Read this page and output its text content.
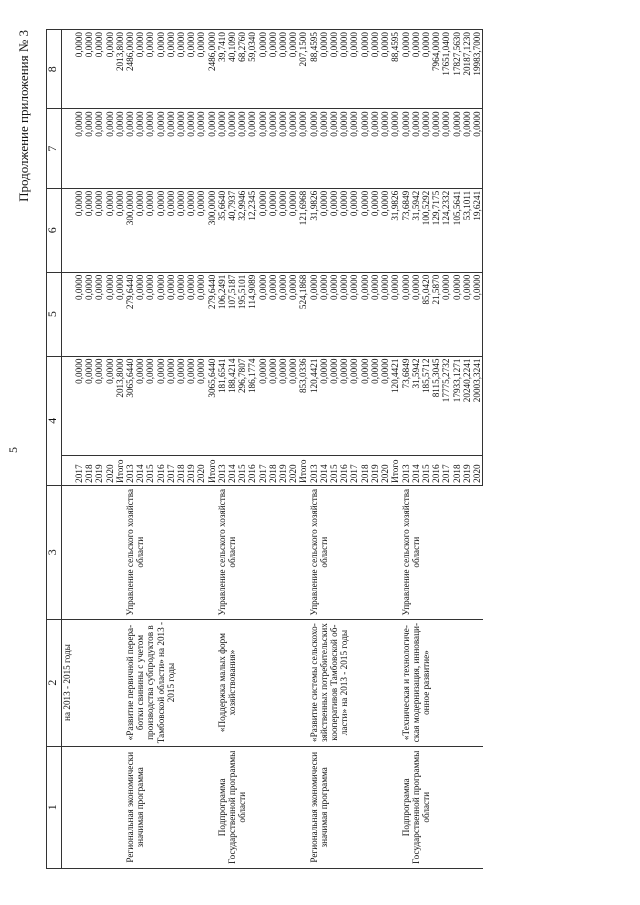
5
Продолжение приложения № 3
1	2	3	4		5	6	7	8
	на 2013 - 2015 годы							
			2017	0,0000	0,0000	0,0000	0,0000	0,0000
			2018	0,0000	0,0000	0,0000	0,0000	0,0000
			2019	0,0000	0,0000	0,0000	0,0000	0,0000
			2020	0,0000	0,0000	0,0000	0,0000	0,0000
			Итого	2013,8000	0,0000	0,0000	0,0000	2013,8000
Региональная экономически значимая программа	«Развитие первичной перера-ботки свинины с учетом производства субпродуктов в Тамбовской области» на 2013 - 2015 годы	Управление сельского хозяйства области	2013	3065,6440	279,6440	300,0000	0,0000	2486,0000
			2014	0,0000	0,0000	0,0000	0,0000	0,0000
			2015	0,0000	0,0000	0,0000	0,0000	0,0000
			2016	0,0000	0,0000	0,0000	0,0000	0,0000
			2017	0,0000	0,0000	0,0000	0,0000	0,0000
			2018	0,0000	0,0000	0,0000	0,0000	0,0000
			2019	0,0000	0,0000	0,0000	0,0000	0,0000
			2020	0,0000	0,0000	0,0000	0,0000	0,0000
			Итого	3065,6440	279,6440	300,0000	0,0000	2486,0000
Подпрограмма Государственной программы области	«Поддержка малых форм хозяйствования»	Управление сельского хозяйства области	2013	181,6541	106,2491	35,6640	0,0000	39,7410
			2014	188,4214	107,5187	40,7937	0,0000	40,1090
			2015	296,7807	195,5101	32,9946	0,0000	68,2760
			2016	186,1774	114,9089	12,2345	0,0000	59,0340
			2017	0,0000	0,0000	0,0000	0,0000	0,0000
			2018	0,0000	0,0000	0,0000	0,0000	0,0000
			2019	0,0000	0,0000	0,0000	0,0000	0,0000
			2020	0,0000	0,0000	0,0000	0,0000	0,0000
			Итого	853,0336	524,1868	121,6968	0,0000	207,1500
Региональная экономически значимая программа	«Развитие системы сельскохо-зяйственных потребительских кооперативов Тамбовской об-ласти» на 2013 - 2015 годы	Управление сельского хозяйства области	2013	120,4421	0,0000	31,9826	0,0000	88,4595
			2014	0,0000	0,0000	0,0000	0,0000	0,0000
			2015	0,0000	0,0000	0,0000	0,0000	0,0000
			2016	0,0000	0,0000	0,0000	0,0000	0,0000
			2017	0,0000	0,0000	0,0000	0,0000	0,0000
			2018	0,0000	0,0000	0,0000	0,0000	0,0000
			2019	0,0000	0,0000	0,0000	0,0000	0,0000
			2020	0,0000	0,0000	0,0000	0,0000	0,0000
			Итого	120,4421	0,0000	31,9826	0,0000	88,4595
Подпрограмма Государственной программы области	«Техническая и технологиче-ская модернизация, инноваци-онное развитие»	Управление сельского хозяйства области	2013	73,6849	0,0000	73,6849	0,0000	0,0000
			2014	31,5942	0,0000	31,5942	0,0000	0,0000
			2015	185,5712	85,0420	100,5292	0,0000	0,0000
			2016	8115,3045	21,5870	129,7175	0,0000	7964,0000
			2017	17775,2732	0,0000	124,2332	0,0000	17651,0400
			2018	17933,1271	0,0000	105,5641	0,0000	17827,5630
			2019	20240,2241	0,0000	53,1011	0,0000	20187,1230
			2020	20003,3241	0,0000	19,6241	0,0000	19983,7000
